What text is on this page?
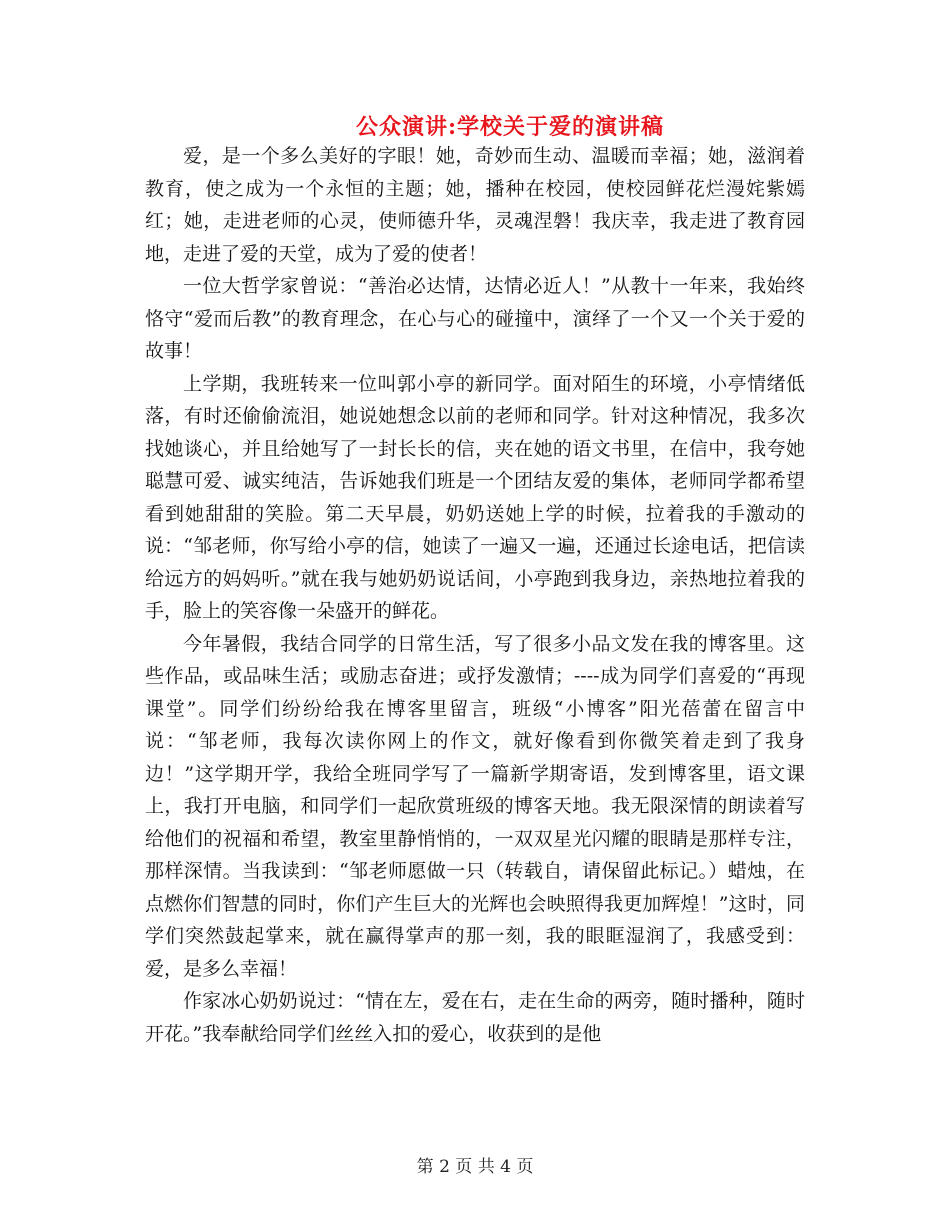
公众演讲:学校关于爱的演讲稿

爱，是一个多么美好的字眼！她，奇妙而生动、温暖而幸福；她，滋润着教育，使之成为一个永恒的主题；她，播种在校园，使校园鲜花烂漫姹紫嫣红；她，走进老师的心灵，使师德升华，灵魂涅磐！我庆幸，我走进了教育园地，走进了爱的天堂，成为了爱的使者！

一位大哲学家曾说：“善治必达情，达情必近人！”从教十一年来，我始终恪守“爱而后教”的教育理念，在心与心的碰撞中，演绎了一个又一个关于爱的故事！

上学期，我班转来一位叫郭小亭的新同学。面对陌生的环境，小亭情绪低落，有时还偷偷流泪，她说她想念以前的老师和同学。针对这种情况，我多次找她谈心，并且给她写了一封长长的信，夹在她的语文书里，在信中，我夸她聪慧可爱、诚实纯洁，告诉她我们班是一个团结友爱的集体，老师同学都希望看到她甜甜的笑脸。第二天早晨，奶奶送她上学的时候，拉着我的手激动的说：“邹老师，你写给小亭的信，她读了一遍又一遍，还通过长途电话，把信读给远方的妈妈听。”就在我与她奶奶说话间，小亭跑到我身边，亲热地拉着我的手，脸上的笑容像一朵盛开的鲜花。

今年暑假，我结合同学的日常生活，写了很多小品文发在我的博客里。这些作品，或品味生活；或励志奋进；或抒发激情；----成为同学们喜爱的“再现课堂”。同学们纷纷给我在博客里留言，班级“小博客”阳光蓓蕾在留言中说：“邹老师，我每次读你网上的作文，就好像看到你微笑着走到了我身边！”这学期开学，我给全班同学写了一篇新学期寄语，发到博客里，语文课上，我打开电脑，和同学们一起欣赏班级的博客天地。我无限深情的朗读着写给他们的祝福和希望，教室里静悄悄的，一双双星光闪耀的眼睛是那样专注，那样深情。当我读到：“邹老师愿做一只（转载自，请保留此标记。）蜡烛，在点燃你们智慧的同时，你们产生巨大的光辉也会映照得我更加辉煌！”这时，同学们突然鼓起掌来，就在赢得掌声的那一刻，我的眼眶湿润了，我感受到：爱，是多么幸福！

作家冰心奶奶说过：“情在左，爱在右，走在生命的两旁，随时播种，随时开花。”我奉献给同学们丝丝入扣的爱心，收获到的是他

第 2 页 共 4 页
